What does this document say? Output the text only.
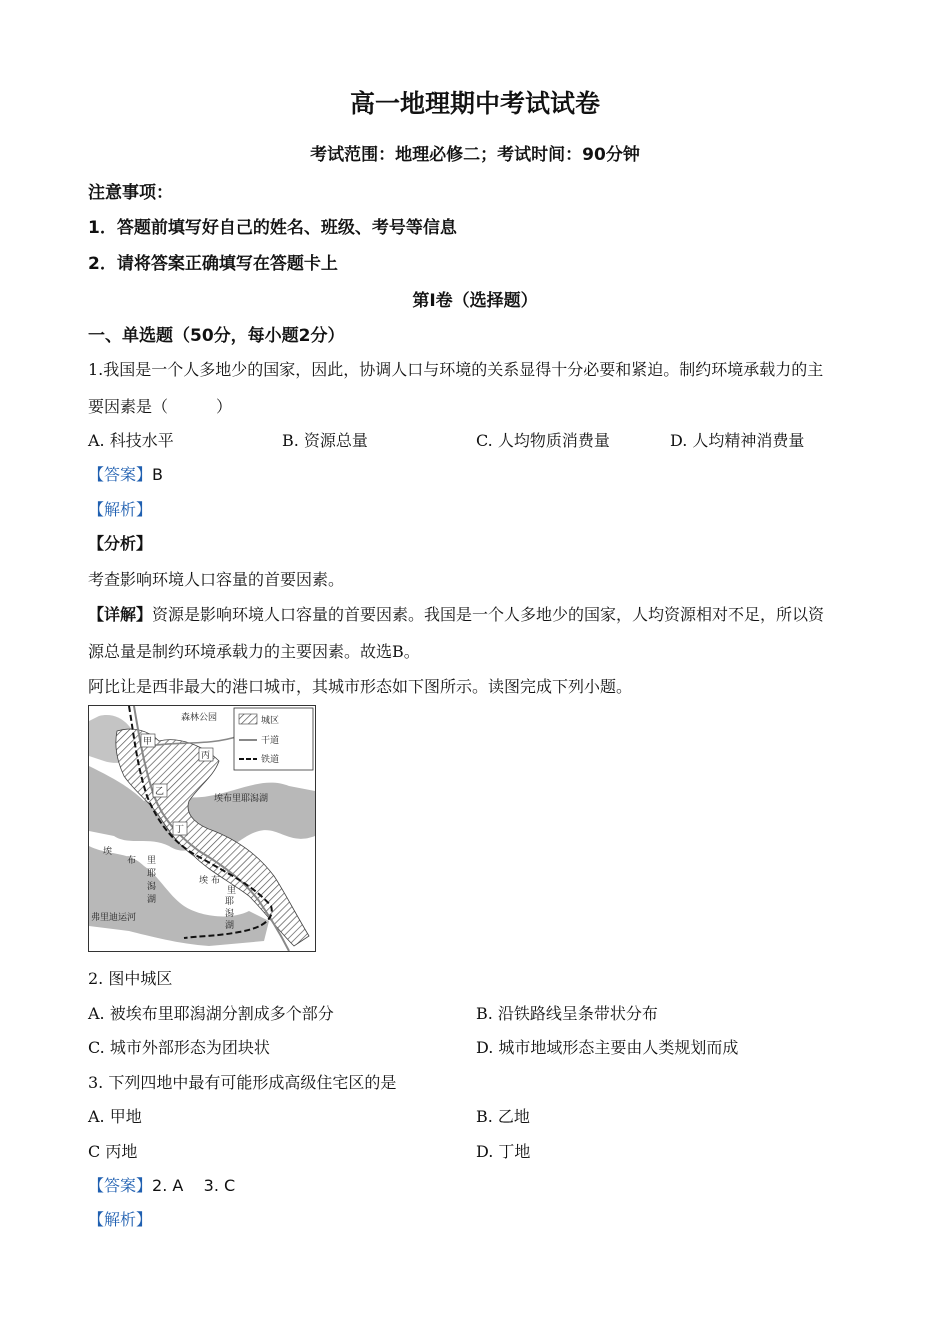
高一地理期中考试试卷
考试范围：地理必修二；考试时间：90分钟
注意事项：
1．答题前填写好自己的姓名、班级、考号等信息
2．请将答案正确填写在答题卡上
第I卷（选择题）
一、单选题（50分，每小题2分）
1.我国是一个人多地少的国家，因此，协调人口与环境的关系显得十分必要和紧迫。制约环境承载力的主
要因素是（　　　）
A. 科技水平	B. 资源总量	C. 人均物质消费量	D. 人均精神消费量
【答案】B
【解析】
【分析】
考查影响环境人口容量的首要因素。
【详解】资源是影响环境人口容量的首要因素。我国是一个人多地少的国家，人均资源相对不足，所以资
源总量是制约环境承载力的主要因素。故选B。
阿比让是西非最大的港口城市，其城市形态如下图所示。读图完成下列小题。
城区
干道
铁道
森林公园
甲
丙
乙
丁
埃布里耶潟湖
埃
布 里
耶
潟
湖
埃 布
里
耶
潟
湖
弗里迪运河
2. 图中城区
A. 被埃布里耶潟湖分割成多个部分	B. 沿铁路线呈条带状分布
C. 城市外部形态为团块状	D. 城市地域形态主要由人类规划而成
3. 下列四地中最有可能形成高级住宅区的是
A. 甲地	B. 乙地
C 丙地	D. 丁地
【答案】2. A    3. C
【解析】
